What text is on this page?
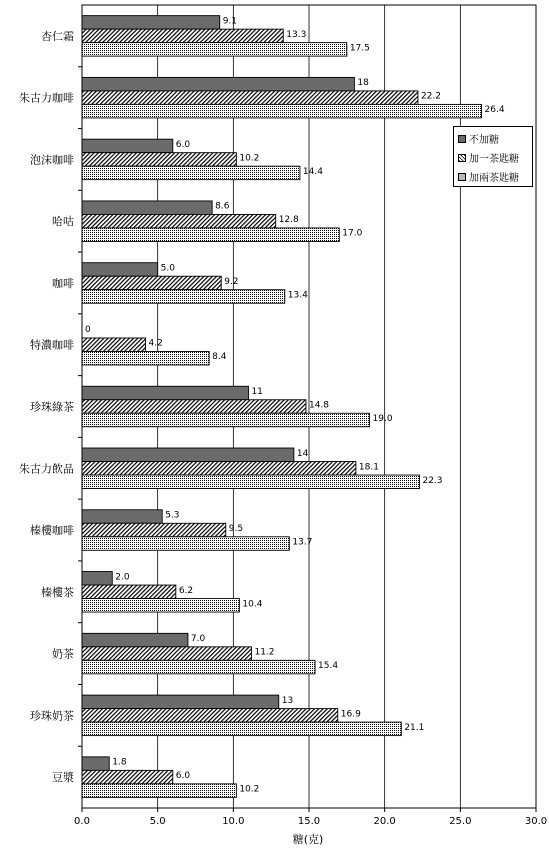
9.1
13.3
17.5
18
22.2
26.4
6.0
10.2
14.4
8.6
12.8
17.0
5.0
9.2
13.4
0
4.2
8.4
11
14.8
19.0
14
18.1
22.3
5.3
9.5
13.7
2.0
6.2
10.4
7.0
11.2
15.4
13
16.9
21.1
1.8
6.0
10.2
0.0	5.0	10.0	15.0	20.0	25.0	30.0
杏仁霜
朱古力咖啡
泡沫咖啡
哈咕
咖啡
特濃咖啡
珍珠綠茶
朱古力飲品
榛樓咖啡
榛樓茶
奶茶
珍珠奶茶
豆漿
糖(克)
不加糖
加一茶匙糖
加兩茶匙糖
